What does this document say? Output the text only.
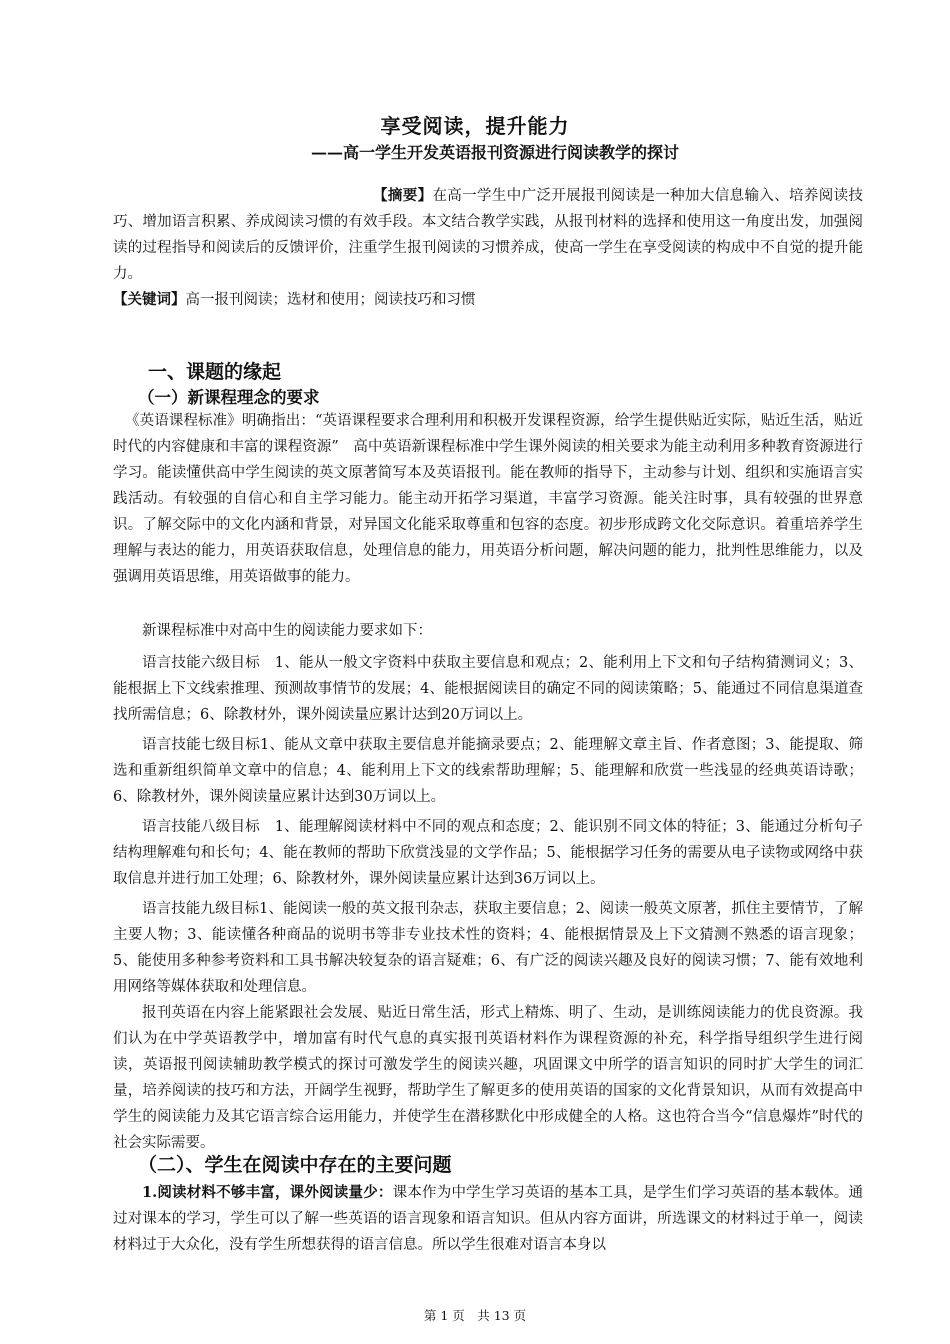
享受阅读，提升能力
——高一学生开发英语报刊资源进行阅读教学的探讨
【摘要】在高一学生中广泛开展报刊阅读是一种加大信息输入、培养阅读技巧、增加语言积累、养成阅读习惯的有效手段。本文结合教学实践，从报刊材料的选择和使用这一角度出发，加强阅读的过程指导和阅读后的反馈评价，注重学生报刊阅读的习惯养成，使高一学生在享受阅读的构成中不自觉的提升能力。
【关键词】高一报刊阅读；选材和使用；阅读技巧和习惯
一、课题的缘起
（一）新课程理念的要求
《英语课程标准》明确指出：“英语课程要求合理利用和积极开发课程资源，给学生提供贴近实际，贴近生活，贴近时代的内容健康和丰富的课程资源”　高中英语新课程标准中学生课外阅读的相关要求为能主动利用多种教育资源进行学习。能读懂供高中学生阅读的英文原著简写本及英语报刊。能在教师的指导下，主动参与计划、组织和实施语言实践活动。有较强的自信心和自主学习能力。能主动开拓学习渠道，丰富学习资源。能关注时事，具有较强的世界意识。了解交际中的文化内涵和背景，对异国文化能采取尊重和包容的态度。初步形成跨文化交际意识。着重培养学生理解与表达的能力，用英语获取信息，处理信息的能力，用英语分析问题，解决问题的能力，批判性思维能力，以及强调用英语思维，用英语做事的能力。
新课程标准中对高中生的阅读能力要求如下：
语言技能六级目标　1、能从一般文字资料中获取主要信息和观点；2、能利用上下文和句子结构猜测词义；3、能根据上下文线索推理、预测故事情节的发展；4、能根据阅读目的确定不同的阅读策略；5、能通过不同信息渠道查找所需信息；6、除教材外，课外阅读量应累计达到20万词以上。
语言技能七级目标1、能从文章中获取主要信息并能摘录要点；2、能理解文章主旨、作者意图；3、能提取、筛选和重新组织简单文章中的信息；4、能利用上下文的线索帮助理解；5、能理解和欣赏一些浅显的经典英语诗歌；6、除教材外，课外阅读量应累计达到30万词以上。
语言技能八级目标　1、能理解阅读材料中不同的观点和态度；2、能识别不同文体的特征；3、能通过分析句子结构理解难句和长句；4、能在教师的帮助下欣赏浅显的文学作品；5、能根据学习任务的需要从电子读物或网络中获取信息并进行加工处理；6、除教材外，课外阅读量应累计达到36万词以上。
语言技能九级目标1、能阅读一般的英文报刊杂志，获取主要信息；2、阅读一般英文原著，抓住主要情节，了解主要人物；3、能读懂各种商品的说明书等非专业技术性的资料；4、能根据情景及上下文猜测不熟悉的语言现象；5、能使用多种参考资料和工具书解决较复杂的语言疑难；6、有广泛的阅读兴趣及良好的阅读习惯；7、能有效地利用网络等媒体获取和处理信息。
报刊英语在内容上能紧跟社会发展、贴近日常生活，形式上精炼、明了、生动，是训练阅读能力的优良资源。我们认为在中学英语教学中，增加富有时代气息的真实报刊英语材料作为课程资源的补充，科学指导组织学生进行阅读，英语报刊阅读辅助教学模式的探讨可激发学生的阅读兴趣，巩固课文中所学的语言知识的同时扩大学生的词汇量，培养阅读的技巧和方法，开阔学生视野，帮助学生了解更多的使用英语的国家的文化背景知识，从而有效提高中学生的阅读能力及其它语言综合运用能力，并使学生在潜移默化中形成健全的人格。这也符合当今“信息爆炸”时代的社会实际需要。
（二）、学生在阅读中存在的主要问题
1.阅读材料不够丰富，课外阅读量少：课本作为中学生学习英语的基本工具，是学生们学习英语的基本载体。通过对课本的学习，学生可以了解一些英语的语言现象和语言知识。但从内容方面讲，所选课文的材料过于单一，阅读材料过于大众化，没有学生所想获得的语言信息。所以学生很难对语言本身以
第 1 页　共 13 页
